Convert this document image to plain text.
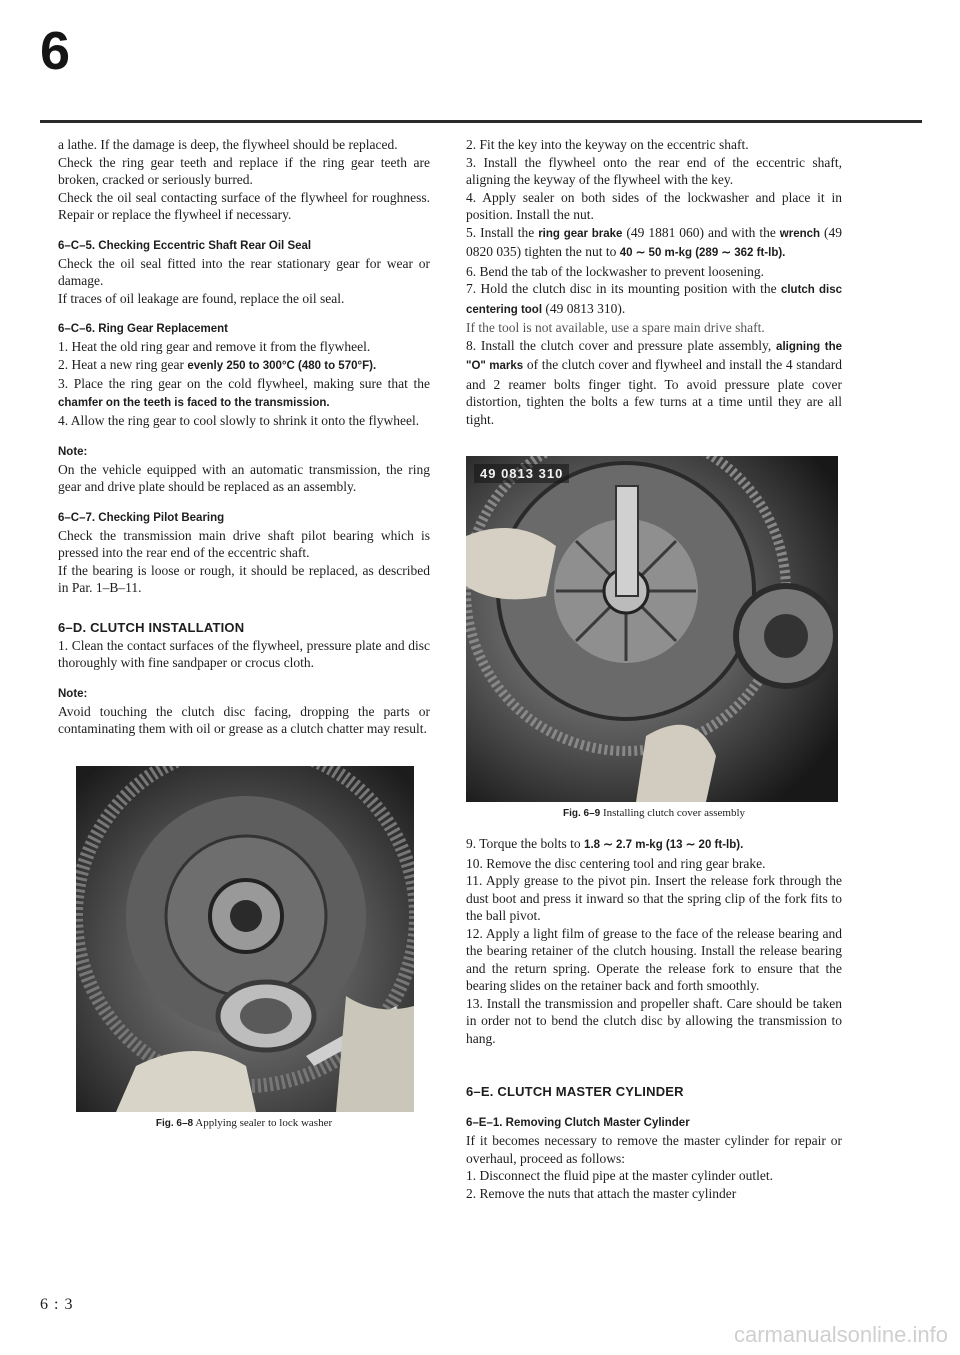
6

a lathe. If the damage is deep, the flywheel should be replaced.

Check the ring gear teeth and replace if the ring gear teeth are broken, cracked or seriously burred.

Check the oil seal contacting surface of the flywheel for roughness. Repair or replace the flywheel if necessary.

6–C–5. Checking Eccentric Shaft Rear Oil Seal

Check the oil seal fitted into the rear stationary gear for wear or damage.

If traces of oil leakage are found, replace the oil seal.

6–C–6. Ring Gear Replacement

1. Heat the old ring gear and remove it from the flywheel.

2. Heat a new ring gear evenly 250 to 300°C (480 to 570°F).

3. Place the ring gear on the cold flywheel, making sure that the chamfer on the teeth is faced to the transmission.

4. Allow the ring gear to cool slowly to shrink it onto the flywheel.

Note:

On the vehicle equipped with an automatic transmission, the ring gear and drive plate should be replaced as an assembly.

6–C–7. Checking Pilot Bearing

Check the transmission main drive shaft pilot bearing which is pressed into the rear end of the eccentric shaft.

If the bearing is loose or rough, it should be replaced, as described in Par. 1–B–11.

6–D. CLUTCH INSTALLATION

1. Clean the contact surfaces of the flywheel, pressure plate and disc thoroughly with fine sandpaper or crocus cloth.

Note:

Avoid touching the clutch disc facing, dropping the parts or contaminating them with oil or grease as a clutch chatter may result.

Fig. 6–8 Applying sealer to lock washer

2. Fit the key into the keyway on the eccentric shaft.

3. Install the flywheel onto the rear end of the eccentric shaft, aligning the keyway of the flywheel with the key.

4. Apply sealer on both sides of the lockwasher and place it in position. Install the nut.

5. Install the ring gear brake (49 1881 060) and with the wrench (49 0820 035) tighten the nut to 40 ∼ 50 m-kg (289 ∼ 362 ft-lb).

6. Bend the tab of the lockwasher to prevent loosening.

7. Hold the clutch disc in its mounting position with the clutch disc centering tool (49 0813 310).

If the tool is not available, use a spare main drive shaft.

8. Install the clutch cover and pressure plate assembly, aligning the "O" marks of the clutch cover and flywheel and install the 4 standard and 2 reamer bolts finger tight. To avoid pressure plate cover distortion, tighten the bolts a few turns at a time until they are all tight.

49 0813 310
Fig. 6–9 Installing clutch cover assembly

9. Torque the bolts to 1.8 ∼ 2.7 m-kg (13 ∼ 20 ft-lb).

10. Remove the disc centering tool and ring gear brake.

11. Apply grease to the pivot pin. Insert the release fork through the dust boot and press it inward so that the spring clip of the fork fits to the ball pivot.

12. Apply a light film of grease to the face of the release bearing and the bearing retainer of the clutch housing. Install the release bearing and the return spring. Operate the release fork to ensure that the bearing slides on the retainer back and forth smoothly.

13. Install the transmission and propeller shaft. Care should be taken in order not to bend the clutch disc by allowing the transmission to hang.

6–E. CLUTCH MASTER CYLINDER
6–E–1. Removing Clutch Master Cylinder

If it becomes necessary to remove the master cylinder for repair or overhaul, proceed as follows:

1. Disconnect the fluid pipe at the master cylinder outlet.

2. Remove the nuts that attach the master cylinder

6 : 3
carmanualsonline.info
